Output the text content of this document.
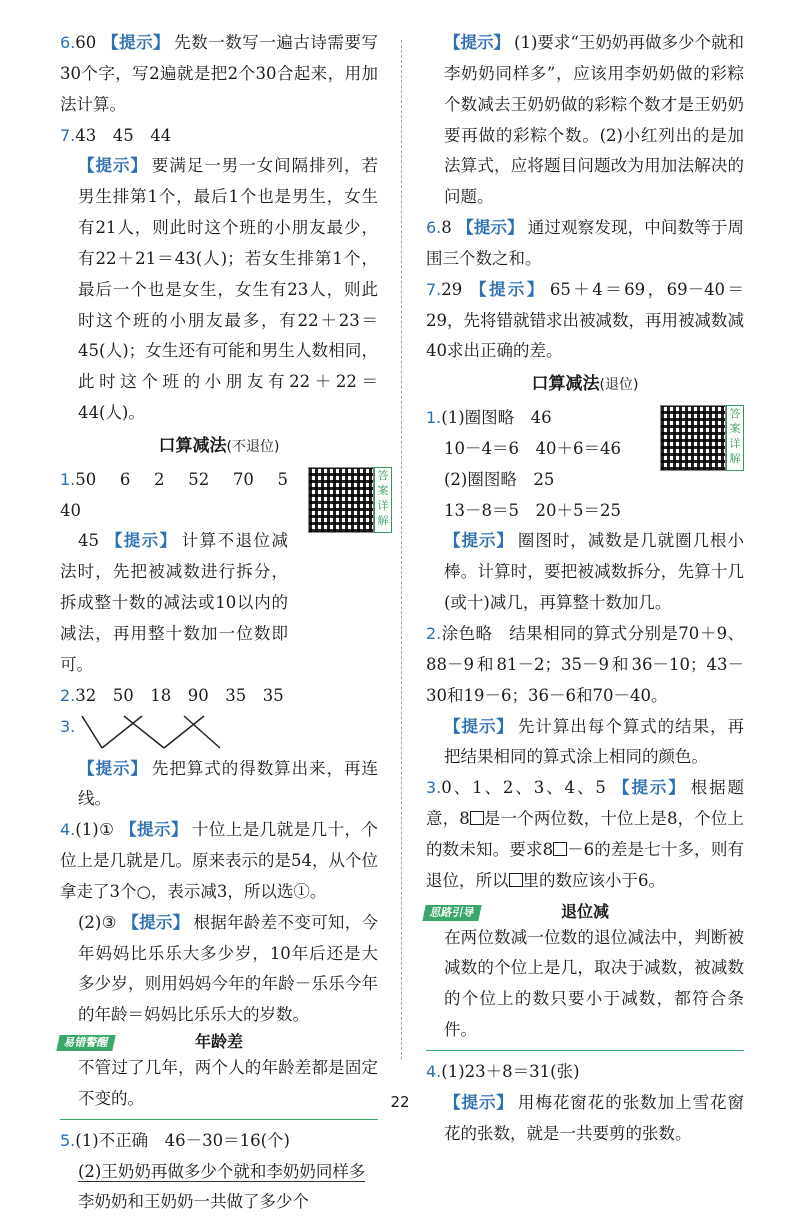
6.60 【提示】 先数一数写一遍古诗需要写30个字，写2遍就是把2个30合起来，用加法计算。

7.43　45　44

【提示】 要满足一男一女间隔排列，若男生排第1个，最后1个也是男生，女生有21人，则此时这个班的小朋友最少，有22＋21＝43(人)；若女生排第1个，最后一个也是女生，女生有23人，则此时这个班的小朋友最多，有22＋23＝45(人)；女生还有可能和男生人数相同，此时这个班的小朋友有22＋22＝44(人)。

口算减法(不退位)

答案详解

1.50　6　2　52　70　5　40
45 【提示】 计算不退位减法时，先把被减数进行拆分，拆成整十数的减法或10以内的减法，再用整十数加一位数即可。

2.32　50　18　90　35　35

3.

【提示】 先把算式的得数算出来，再连线。

4.(1)① 【提示】 十位上是几就是几十，个位上是几就是几。原来表示的是54，从个位拿走了3个○，表示减3，所以选①。

(2)③ 【提示】 根据年龄差不变可知，今年妈妈比乐乐大多少岁，10年后还是大多少岁，则用妈妈今年的年龄－乐乐今年的年龄＝妈妈比乐乐大的岁数。

易错警醒	年龄差

不管过了几年，两个人的年龄差都是固定不变的。

5.(1)不正确　46－30＝16(个)

(2)王奶奶再做多少个就和李奶奶同样多
李奶奶和王奶奶一共做了多少个

【提示】 (1)要求“王奶奶再做多少个就和李奶奶同样多”，应该用李奶奶做的彩粽个数减去王奶奶做的彩粽个数才是王奶奶要再做的彩粽个数。(2)小红列出的是加法算式，应将题目问题改为用加法解决的问题。

6.8 【提示】 通过观察发现，中间数等于周围三个数之和。

7.29 【提示】 65＋4＝69，69－40＝29，先将错就错求出被减数，再用被减数减40求出正确的差。

口算减法(退位)

答案详解

1.(1)圈图略　46
10－4＝6　40＋6＝46
(2)圈图略　25
13－8＝5　20＋5＝25

【提示】 圈图时，减数是几就圈几根小棒。计算时，要把被减数拆分，先算十几(或十)减几，再算整十数加几。

2.涂色略　结果相同的算式分别是70＋9、88－9和81－2；35－9和36－10；43－30和19－6；36－6和70－40。

【提示】 先计算出每个算式的结果，再把结果相同的算式涂上相同的颜色。

3.0、1、2、3、4、5 【提示】 根据题意，8 是一个两位数，十位上是8，个位上的数未知。要求8 －6的差是七十多，则有退位，所以 里的数应该小于6。

思路引导	退位减

在两位数减一位数的退位减法中，判断被减数的个位上是几，取决于减数，被减数的个位上的数只要小于减数，都符合条件。

4.(1)23＋8＝31(张)

【提示】 用梅花窗花的张数加上雪花窗花的张数，就是一共要剪的张数。

22
